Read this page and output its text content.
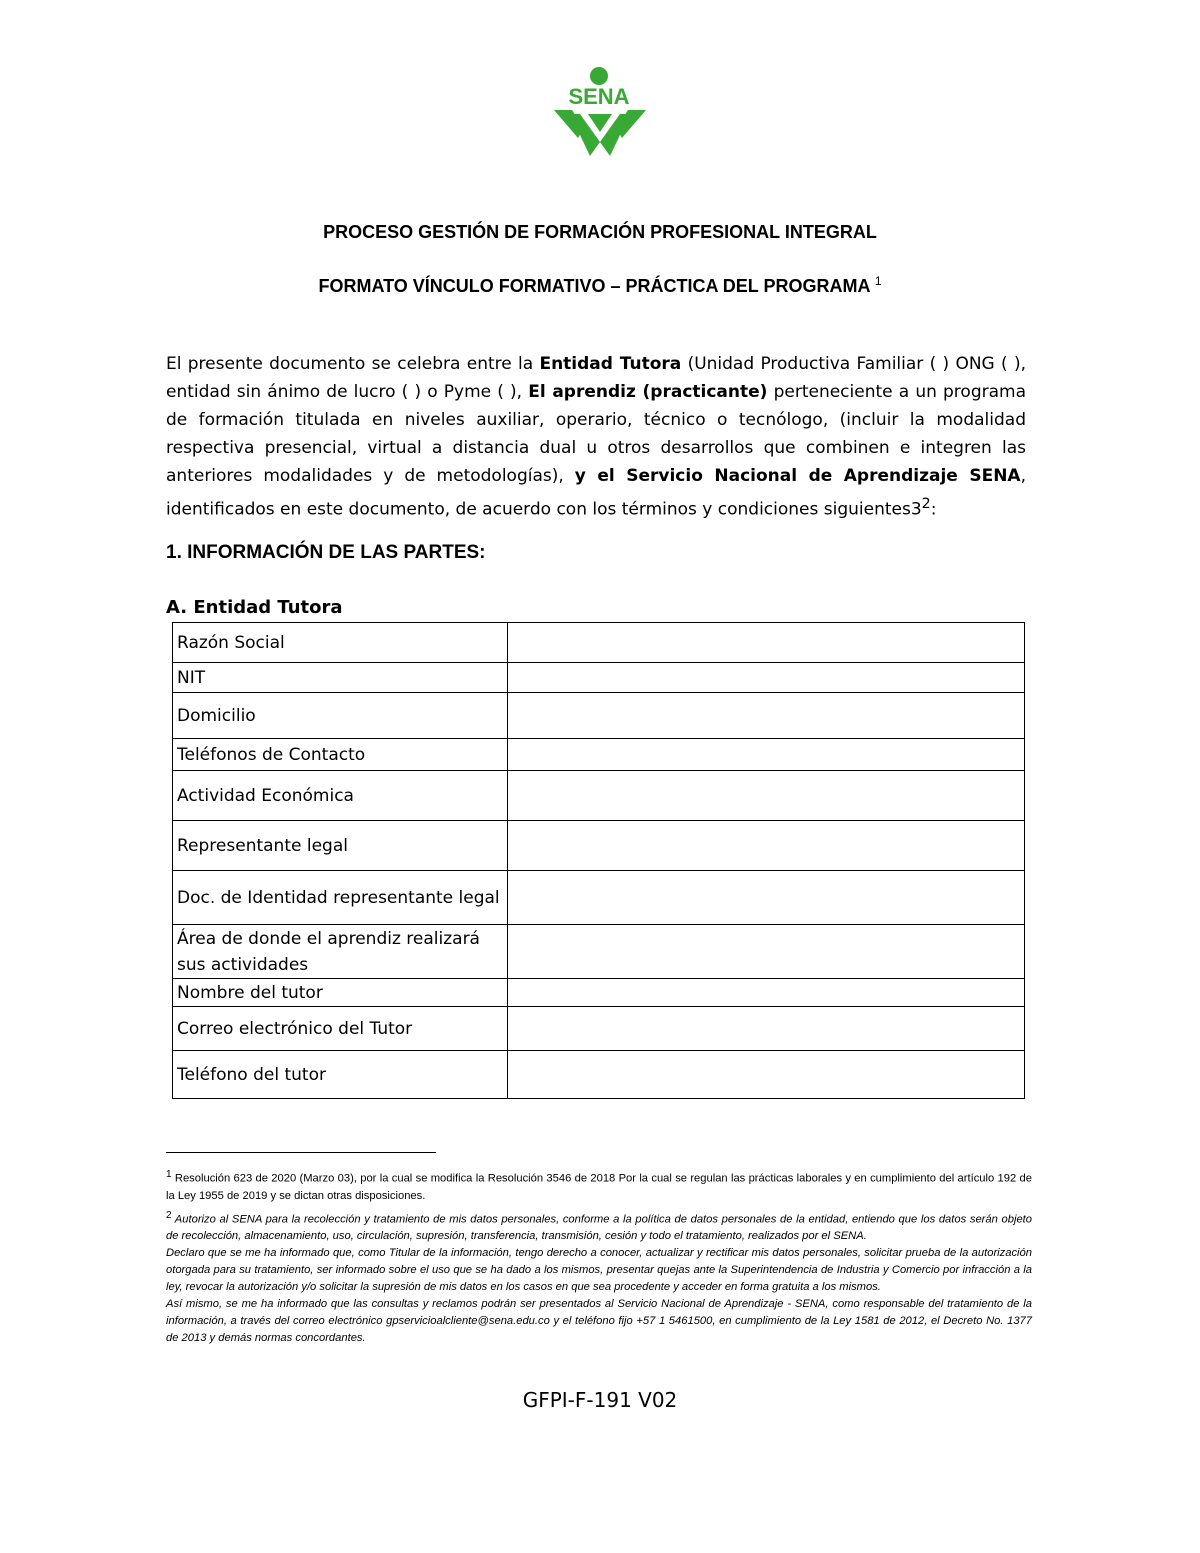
SENA
PROCESO GESTIÓN DE FORMACIÓN PROFESIONAL INTEGRAL
FORMATO VÍNCULO FORMATIVO – PRÁCTICA DEL PROGRAMA $^1$

El presente documento se celebra entre la Entidad Tutora (Unidad Productiva Familiar ( ) ONG ( ), entidad sin ánimo de lucro ( ) o Pyme ( ), El aprendiz (practicante) perteneciente a un programa de formación titulada en niveles auxiliar, operario, técnico o tecnólogo, (incluir la modalidad respectiva presencial, virtual a distancia dual u otros desarrollos que combinen e integren las anteriores modalidades y de metodologías), y el Servicio Nacional de Aprendizaje SENA, identificados en este documento, de acuerdo con los términos y condiciones $siguientes3^2$:

1. INFORMACIÓN DE LAS PARTES:
A. Entidad Tutora
Razón Social	
NIT	
Domicilio	
Teléfonos de Contacto	
Actividad Económica	
Representante legal	
Doc. de Identidad representante legal	
Área de donde el aprendiz realizará sus actividades	
Nombre del tutor	
Correo electrónico del Tutor	
Teléfono del tutor	

$^1$ Resolución 623 de 2020 (Marzo 03), por la cual se modifica la Resolución 3546 de 2018 Por la cual se regulan las prácticas laborales y en cumplimiento del artículo 192 de la Ley 1955 de 2019 y se dictan otras disposiciones.

$^2$ Autorizo al SENA para la recolección y tratamiento de mis datos personales, conforme a la política de datos personales de la entidad, entiendo que los datos serán objeto de recolección, almacenamiento, uso, circulación, supresión, transferencia, transmisión, cesión y todo el tratamiento, realizados por el SENA.

Declaro que se me ha informado que, como Titular de la información, tengo derecho a conocer, actualizar y rectificar mis datos personales, solicitar prueba de la autorización otorgada para su tratamiento, ser informado sobre el uso que se ha dado a los mismos, presentar quejas ante la Superintendencia de Industria y Comercio por infracción a la ley, revocar la autorización y/o solicitar la supresión de mis datos en los casos en que sea procedente y acceder en forma gratuita a los mismos.

Así mismo, se me ha informado que las consultas y reclamos podrán ser presentados al Servicio Nacional de Aprendizaje - SENA, como responsable del tratamiento de la información, a través del correo electrónico gpservicioalcliente@sena.edu.co y el teléfono fijo +57 1 5461500, en cumplimiento de la Ley 1581 de 2012, el Decreto No. 1377 de 2013 y demás normas concordantes.

GFPI-F-191 V02
